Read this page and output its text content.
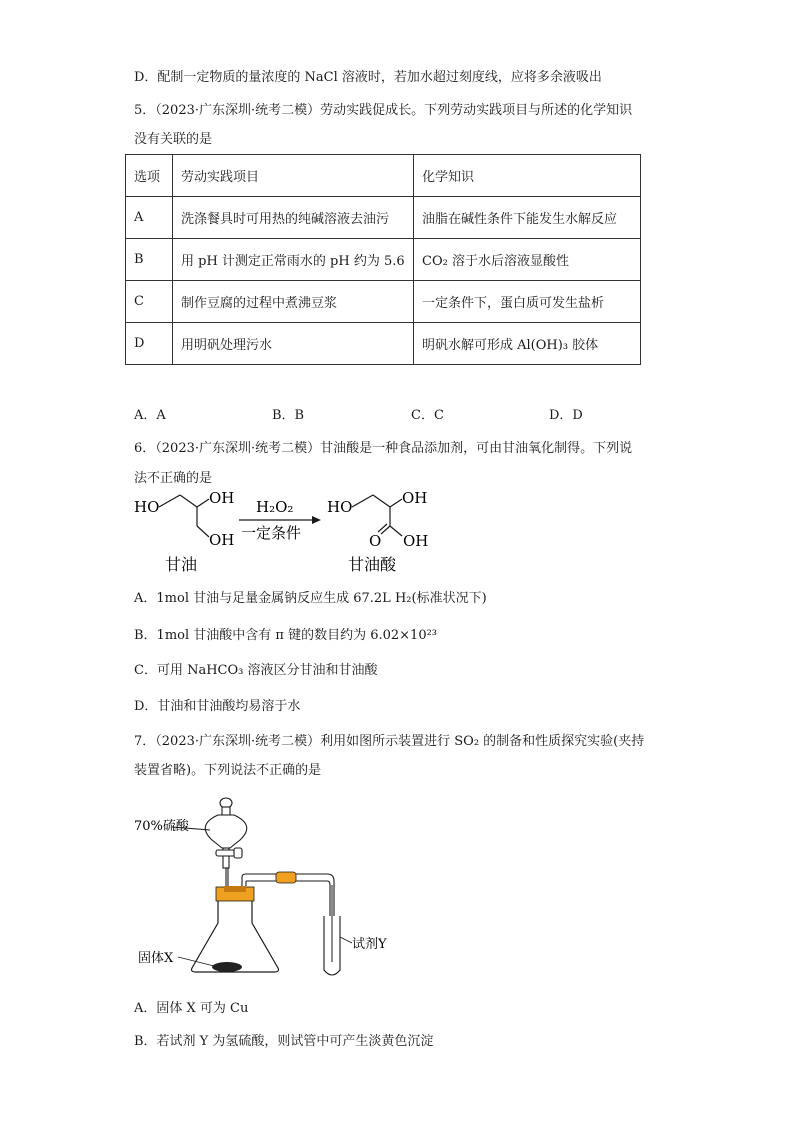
D．配制一定物质的量浓度的 NaCl 溶液时，若加水超过刻度线，应将多余液吸出
5．（2023·广东深圳·统考二模）劳动实践促成长。下列劳动实践项目与所述的化学知识
没有关联的是
选项	劳动实践项目	化学知识
A	洗涤餐具时可用热的纯碱溶液去油污	油脂在碱性条件下能发生水解反应
B	用 pH 计测定正常雨水的 pH 约为 5.6	CO₂ 溶于水后溶液显酸性
C	制作豆腐的过程中煮沸豆浆	一定条件下，蛋白质可发生盐析
D	用明矾处理污水	明矾水解可形成 Al(OH)₃ 胶体
A．A	B．B	C．C	D．D
6．（2023·广东深圳·统考二模）甘油酸是一种食品添加剂，可由甘油氧化制得。下列说
法不正确的是
HO	OH
OH
甘油
H₂O₂
一定条件
HO	OH
O OH
甘油酸
A．1mol 甘油与足量金属钠反应生成 67.2L H₂(标准状况下)
B．1mol 甘油酸中含有 π 键的数目约为 6.02×10²³
C．可用 NaHCO₃ 溶液区分甘油和甘油酸
D．甘油和甘油酸均易溶于水
7．（2023·广东深圳·统考二模）利用如图所示装置进行 SO₂ 的制备和性质探究实验(夹持
装置省略)。下列说法不正确的是
70%硫酸
固体X
试剂Y
A．固体 X 可为 Cu
B．若试剂 Y 为氢硫酸，则试管中可产生淡黄色沉淀
